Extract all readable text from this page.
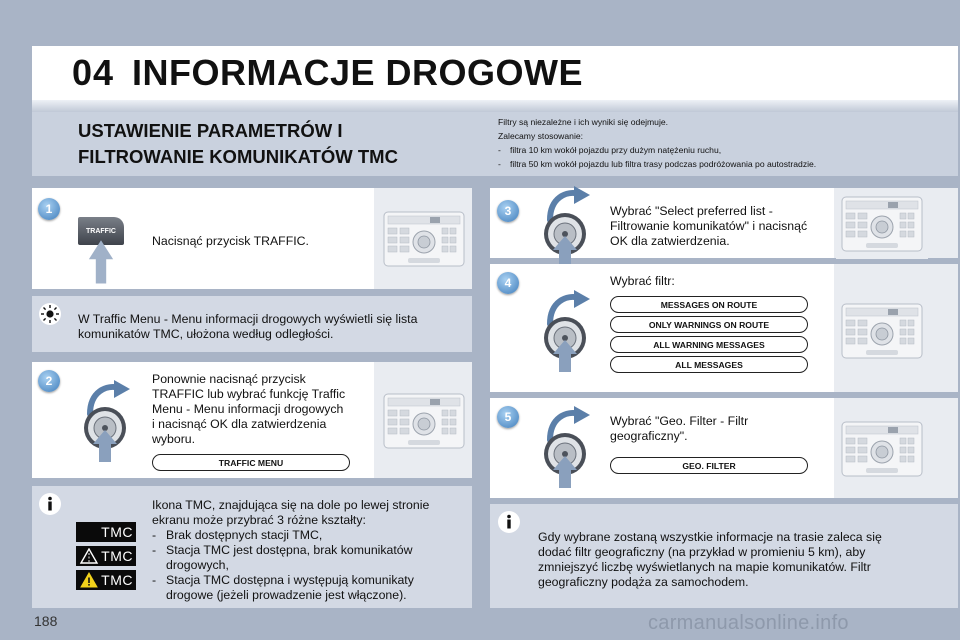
04 INFORMACJE DROGOWE
USTAWIENIE PARAMETRÓW I
FILTROWANIE KOMUNIKATÓW TMC
Filtry są niezależne i ich wyniki się odejmuje.
Zalecamy stosowanie:
- filtra 10 km wokół pojazdu przy dużym natężeniu ruchu,
- filtra 50 km wokół pojazdu lub filtra trasy podczas podróżowania po autostradzie.
1
TRAFFIC
Nacisnąć przycisk TRAFFIC.
W Traffic Menu - Menu informacji drogowych wyświetli się lista
komunikatów TMC, ułożona według odległości.
2	Ponownie nacisnąć przycisk
TRAFFIC lub wybrać funkcję Traffic
Menu - Menu informacji drogowych
i nacisnąć OK dla zatwierdzenia
wyboru.
TRAFFIC MENU
Ikona TMC, znajdująca się na dole po lewej stronie
ekranu może przybrać 3 różne kształty:
- Brak dostępnych stacji TMC,
- Stacja TMC jest dostępna, brak komunikatów
drogowych,
- Stacja TMC dostępna i występują komunikaty
drogowe (jeżeli prowadzenie jest włączone).
TMC
TMC
TMC
3	Wybrać "Select preferred list -
Filtrowanie komunikatów" i nacisnąć
OK dla zatwierdzenia.
4	Wybrać filtr:
MESSAGES ON ROUTE
ONLY WARNINGS ON ROUTE
ALL WARNING MESSAGES
ALL MESSAGES
5	Wybrać "Geo. Filter - Filtr
geograficzny".
GEO. FILTER
Gdy wybrane zostaną wszystkie informacje na trasie zaleca się
dodać filtr geograficzny (na przykład w promieniu 5 km), aby
zmniejszyć liczbę wyświetlanych na mapie komunikatów. Filtr
geograficzny podąża za samochodem.
188	carmanualsonline.info
